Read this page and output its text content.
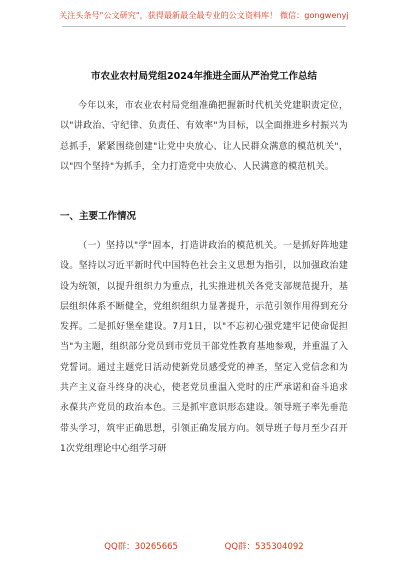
关注头条号"公文研究"，获得最新最全最专业的公文资料库！ 微信：gongwenyj
市农业农村局党组2024年推进全面从严治党工作总结

今年以来，市农业农村局党组准确把握新时代机关党建职责定位，以"讲政治、守纪律、负责任、有效率"为目标，以全面推进乡村振兴为总抓手，紧紧围绕创建"让党中央放心、让人民群众满意的模范机关"，以"四个坚持"为抓手，全力打造党中央放心、人民满意的模范机关。

一、主要工作情况

（一）坚持以"学"固本，打造讲政治的模范机关。一是抓好阵地建设。坚持以习近平新时代中国特色社会主义思想为指引，以加强政治建设为统领，以提升组织力为重点，扎实推进机关各党支部规范提升，基层组织体系不断健全，党组织组织力显著提升，示范引领作用得到充分发挥。二是抓好堡垒建设。7月1日，以"不忘初心强党建牢记使命促担当"为主题，组织部分党员到市党员干部党性教育基地参观，并重温了入党誓词。通过主题党日活动使新党员感受党的神圣，坚定入党信念和为共产主义奋斗终身的决心，使老党员重温入党时的庄严承诺和奋斗追求永葆共产党员的政治本色。三是抓牢意识形态建设。领导班子率先垂范带头学习，筑牢正确思想，引领正确发展方向。领导班子每月至少召开1次党组理论中心组学习研

QQ群：30265665	QQ群：535304092
